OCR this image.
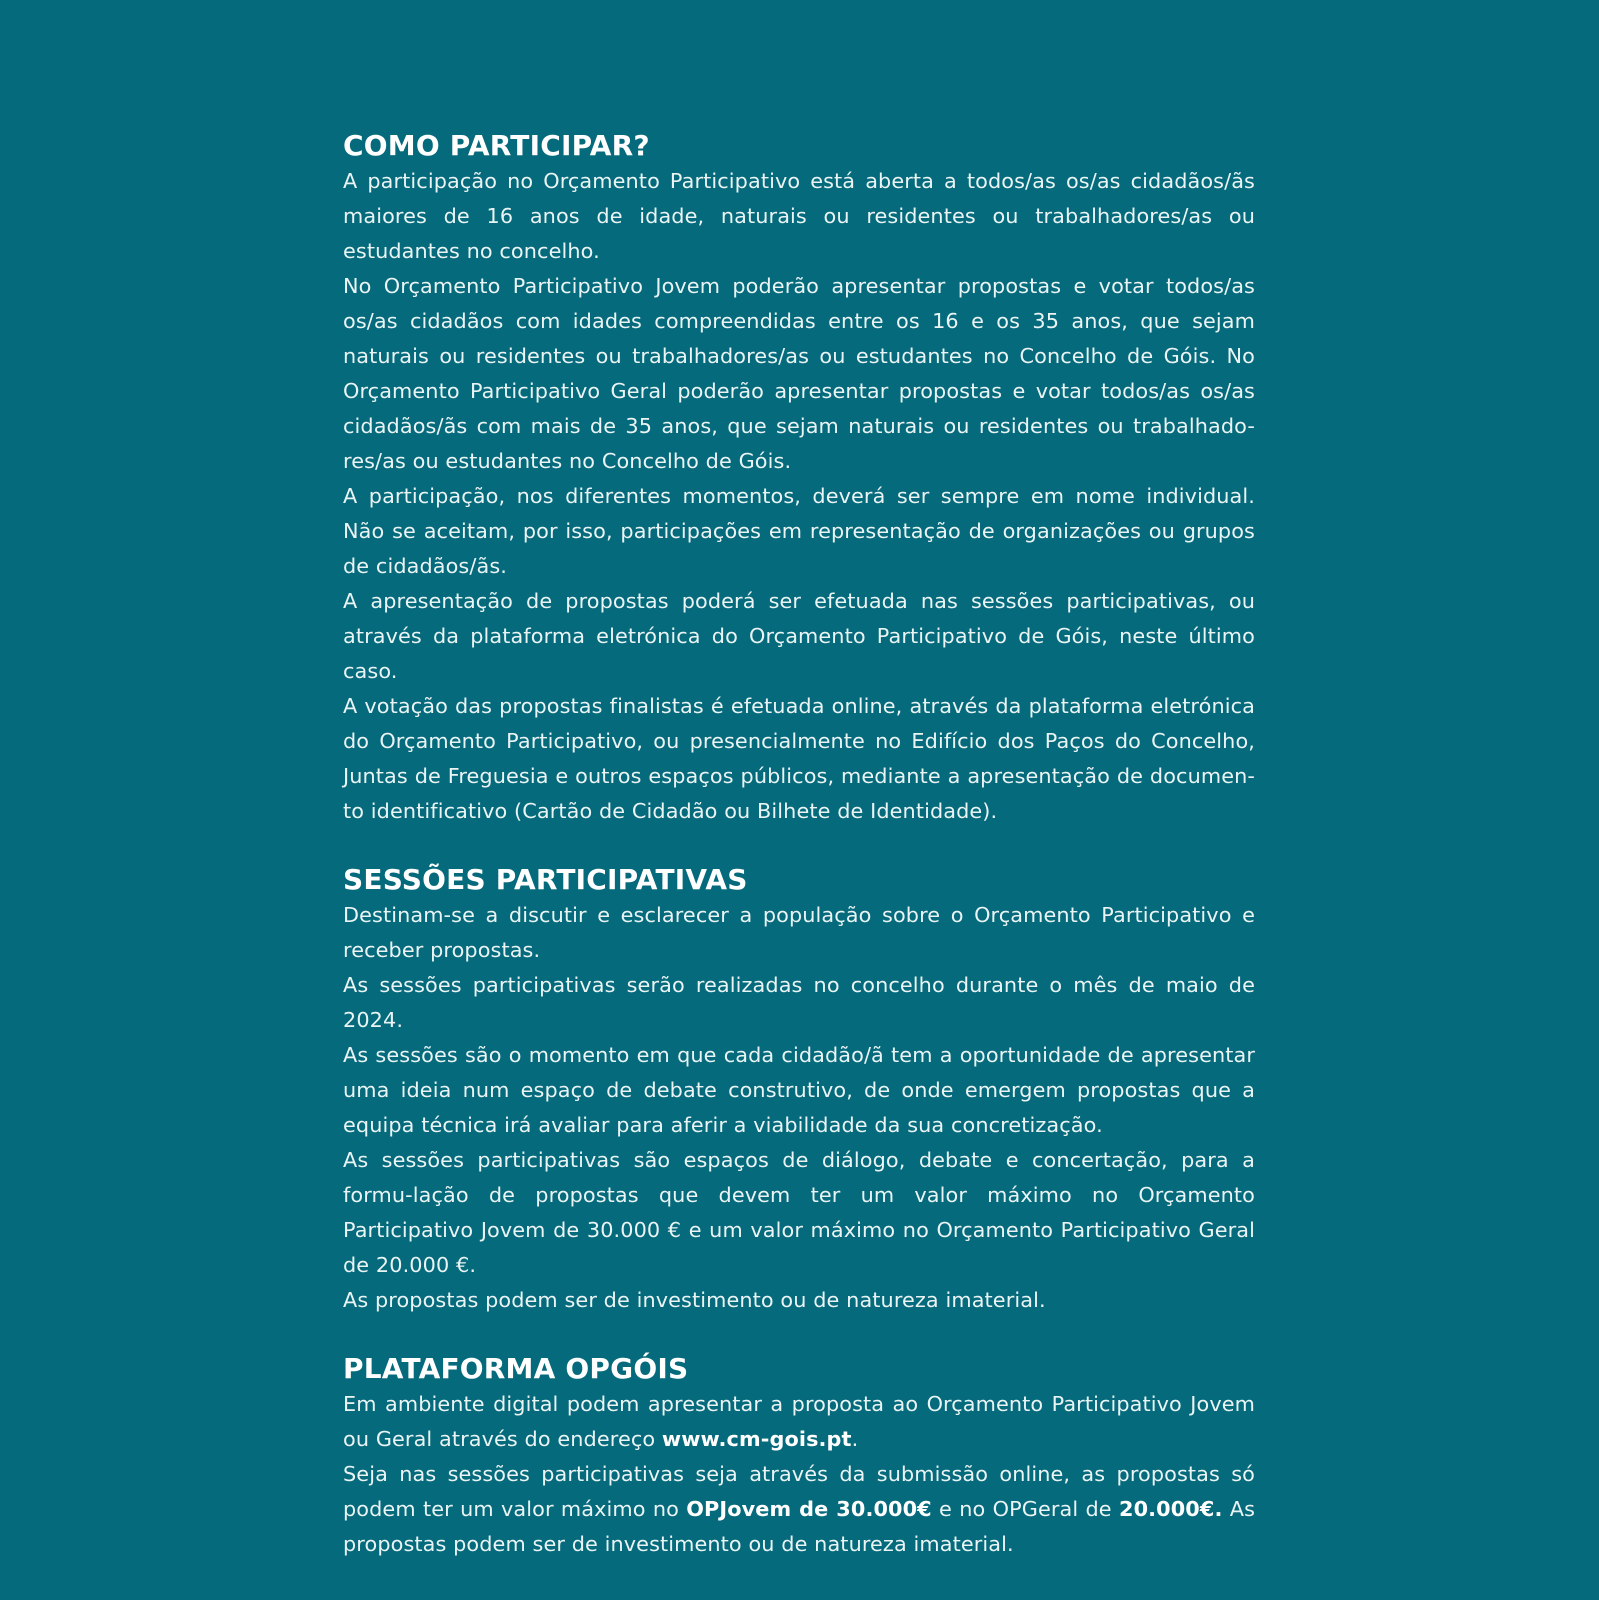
COMO PARTICIPAR?

A participação no Orçamento Participativo está aberta a todos/as os/as cidadãos/ãs maiores de 16 anos de idade, naturais ou residentes ou trabalhadores/as ou estudantes no concelho.

No Orçamento Participativo Jovem poderão apresentar propostas e votar todos/as os/as cidadãos com idades compreendidas entre os 16 e os 35 anos, que sejam naturais ou residentes ou trabalhadores/as ou estudantes no Concelho de Góis. No Orçamento Participativo Geral poderão apresentar propostas e votar todos/as os/as cidadãos/ãs com mais de 35 anos, que sejam naturais ou residentes ou trabalhado-res/as ou estudantes no Concelho de Góis.

A participação, nos diferentes momentos, deverá ser sempre em nome individual. Não se aceitam, por isso, participações em representação de organizações ou grupos de cidadãos/ãs.

A apresentação de propostas poderá ser efetuada nas sessões participativas, ou através da plataforma eletrónica do Orçamento Participativo de Góis, neste último caso.

A votação das propostas finalistas é efetuada online, através da plataforma eletrónica do Orçamento Participativo, ou presencialmente no Edifício dos Paços do Concelho, Juntas de Freguesia e outros espaços públicos, mediante a apresentação de documen-to identificativo (Cartão de Cidadão ou Bilhete de Identidade).

SESSÕES PARTICIPATIVAS

Destinam-se a discutir e esclarecer a população sobre o Orçamento Participativo e receber propostas.

As sessões participativas serão realizadas no concelho durante o mês de maio de 2024.

As sessões são o momento em que cada cidadão/ã tem a oportunidade de apresentar uma ideia num espaço de debate construtivo, de onde emergem propostas que a equipa técnica irá avaliar para aferir a viabilidade da sua concretização.

As sessões participativas são espaços de diálogo, debate e concertação, para a formu-lação de propostas que devem ter um valor máximo no Orçamento Participativo Jovem de 30.000 € e um valor máximo no Orçamento Participativo Geral de 20.000 €.

As propostas podem ser de investimento ou de natureza imaterial.

PLATAFORMA OPGÓIS

Em ambiente digital podem apresentar a proposta ao Orçamento Participativo Jovem ou Geral através do endereço www.cm-gois.pt.

Seja nas sessões participativas seja através da submissão online, as propostas só podem ter um valor máximo no OPJovem de 30.000€ e no OPGeral de 20.000€. As propostas podem ser de investimento ou de natureza imaterial.
